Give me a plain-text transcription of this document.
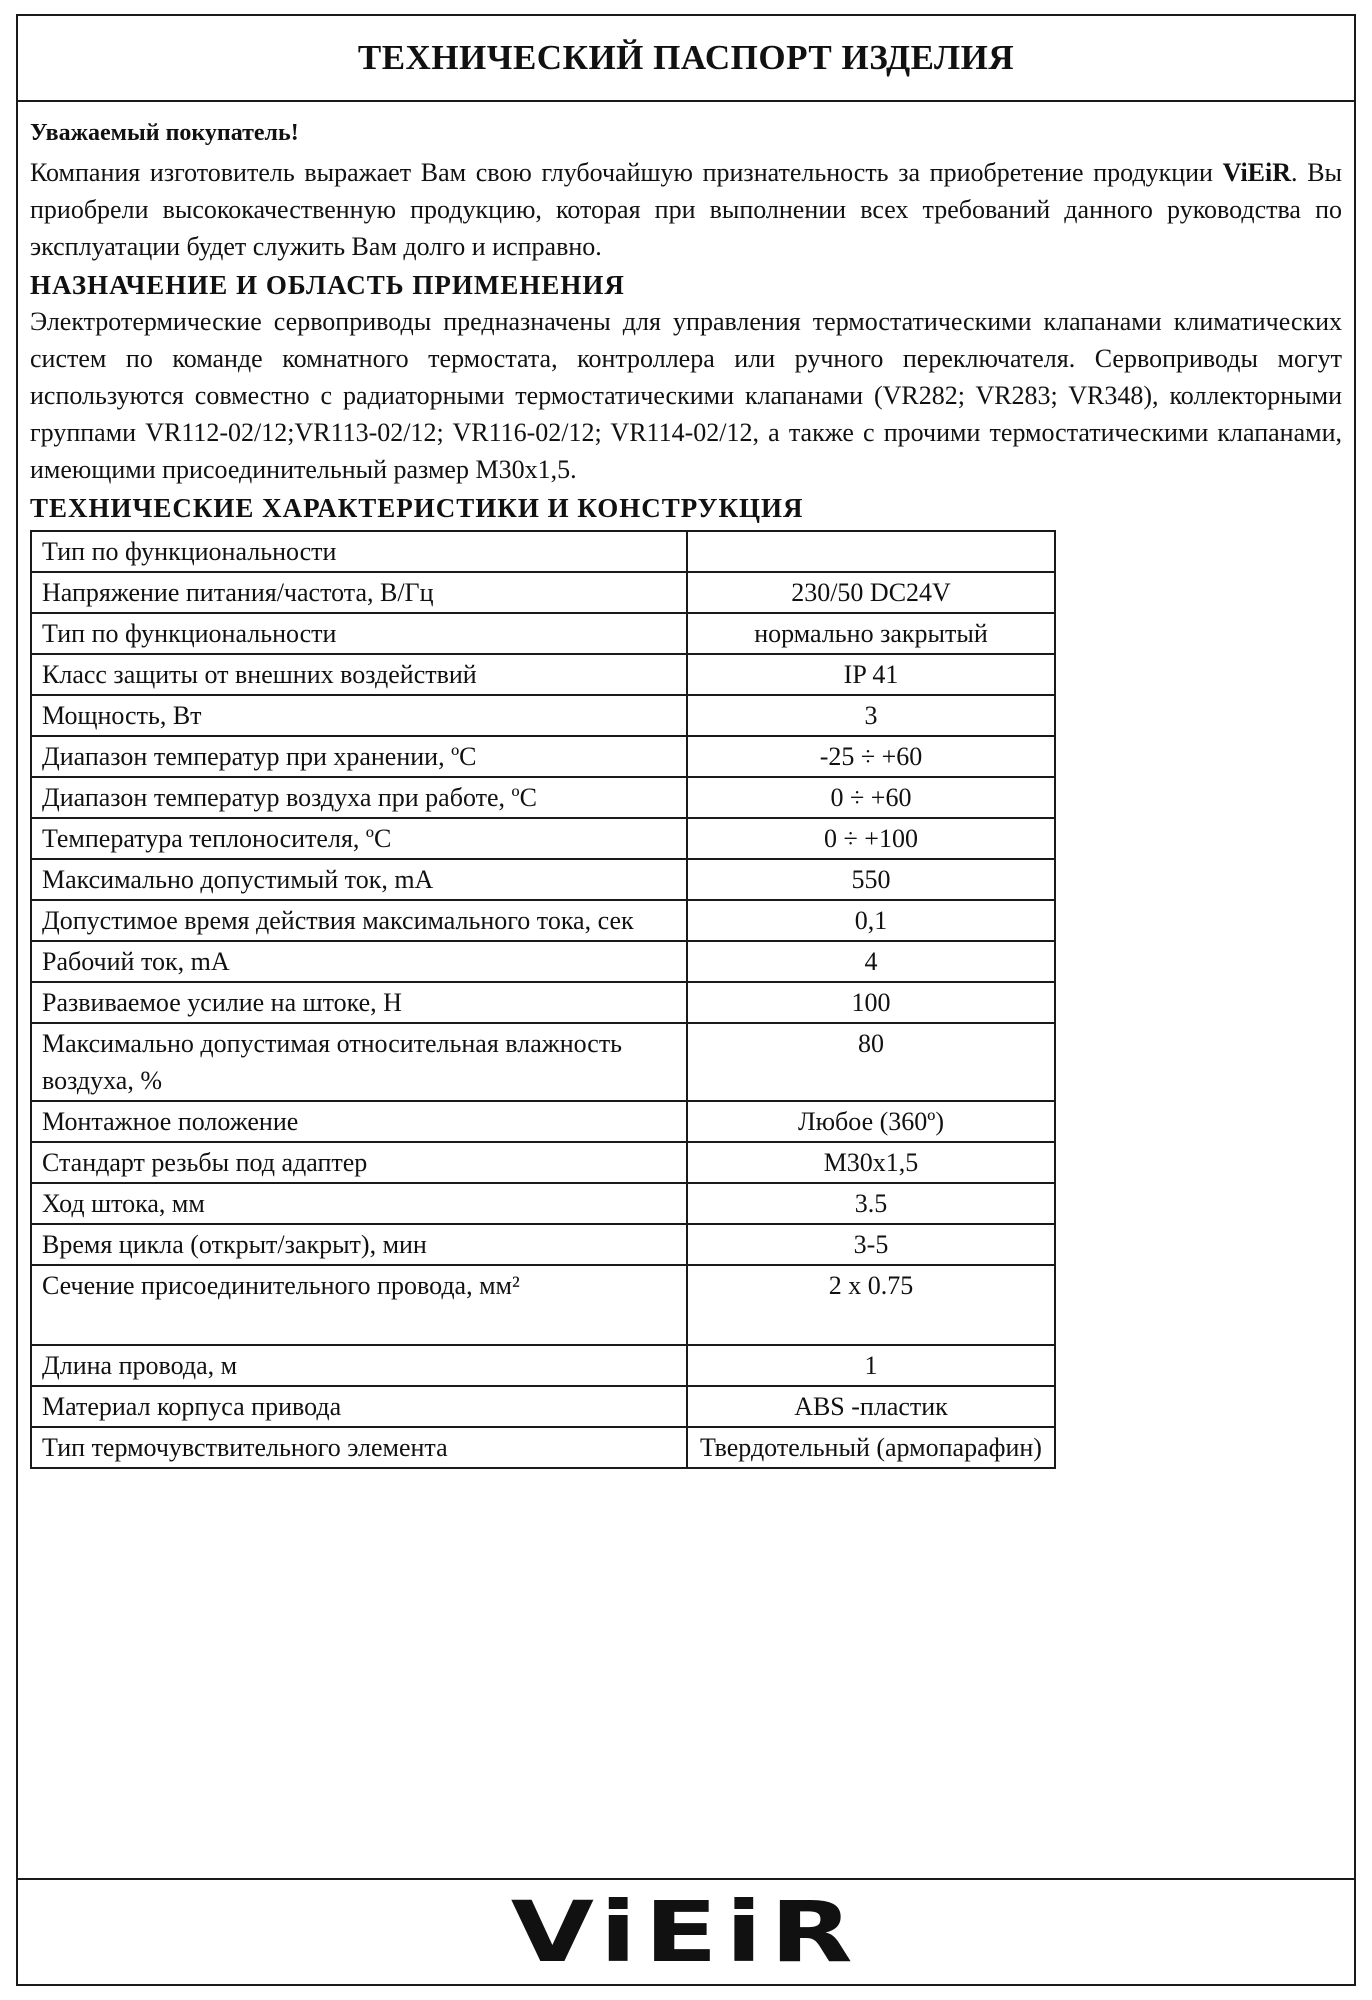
ТЕХНИЧЕСКИЙ ПАСПОРТ ИЗДЕЛИЯ
Уважаемый покупатель!

Компания изготовитель выражает Вам свою глубочайшую признательность за приобретение продукции ViEiR. Вы приобрели высококачественную продукцию, которая при выполнении всех требований данного руководства по эксплуатации будет служить Вам долго и исправно.

НАЗНАЧЕНИЕ И ОБЛАСТЬ ПРИМЕНЕНИЯ

Электротермические сервоприводы предназначены для управления термостатическими клапанами климатических систем по команде комнатного термостата, контроллера или ручного переключателя. Сервоприводы могут используются совместно с радиаторными термостатическими клапанами (VR282; VR283; VR348), коллекторными группами VR112-02/12;VR113-02/12; VR116-02/12; VR114-02/12, а также с прочими термостатическими клапанами, имеющими присоединительный размер M30x1,5.

ТЕХНИЧЕСКИЕ ХАРАКТЕРИСТИКИ И КОНСТРУКЦИЯ
Тип по функциональности	
Напряжение питания/частота, В/Гц	230/50 DC24V
Тип по функциональности	нормально закрытый
Класс защиты от внешних воздействий	IP 41
Мощность, Вт	3
Диапазон температур при хранении, ºС	-25 ÷ +60
Диапазон температур воздуха при работе, ºС	0 ÷ +60
Температура теплоносителя, ºС	0 ÷ +100
Максимально допустимый ток, mA	550
Допустимое время действия максимального тока, сек	0,1
Рабочий ток, mA	4
Развиваемое усилие на штоке, Н	100
Максимально допустимая относительная влажность воздуха, %	80
Монтажное положение	Любое (360º)
Стандарт резьбы под адаптер	M30x1,5
Ход штока, мм	3.5
Время цикла (открыт/закрыт), мин	3-5
Сечение присоединительного провода, мм²	2 x 0.75
Длина провода, м	1
Материал корпуса привода	ABS -пластик
Тип термочувствительного элемента	Твердотельный (армопарафин)
ViEiR
